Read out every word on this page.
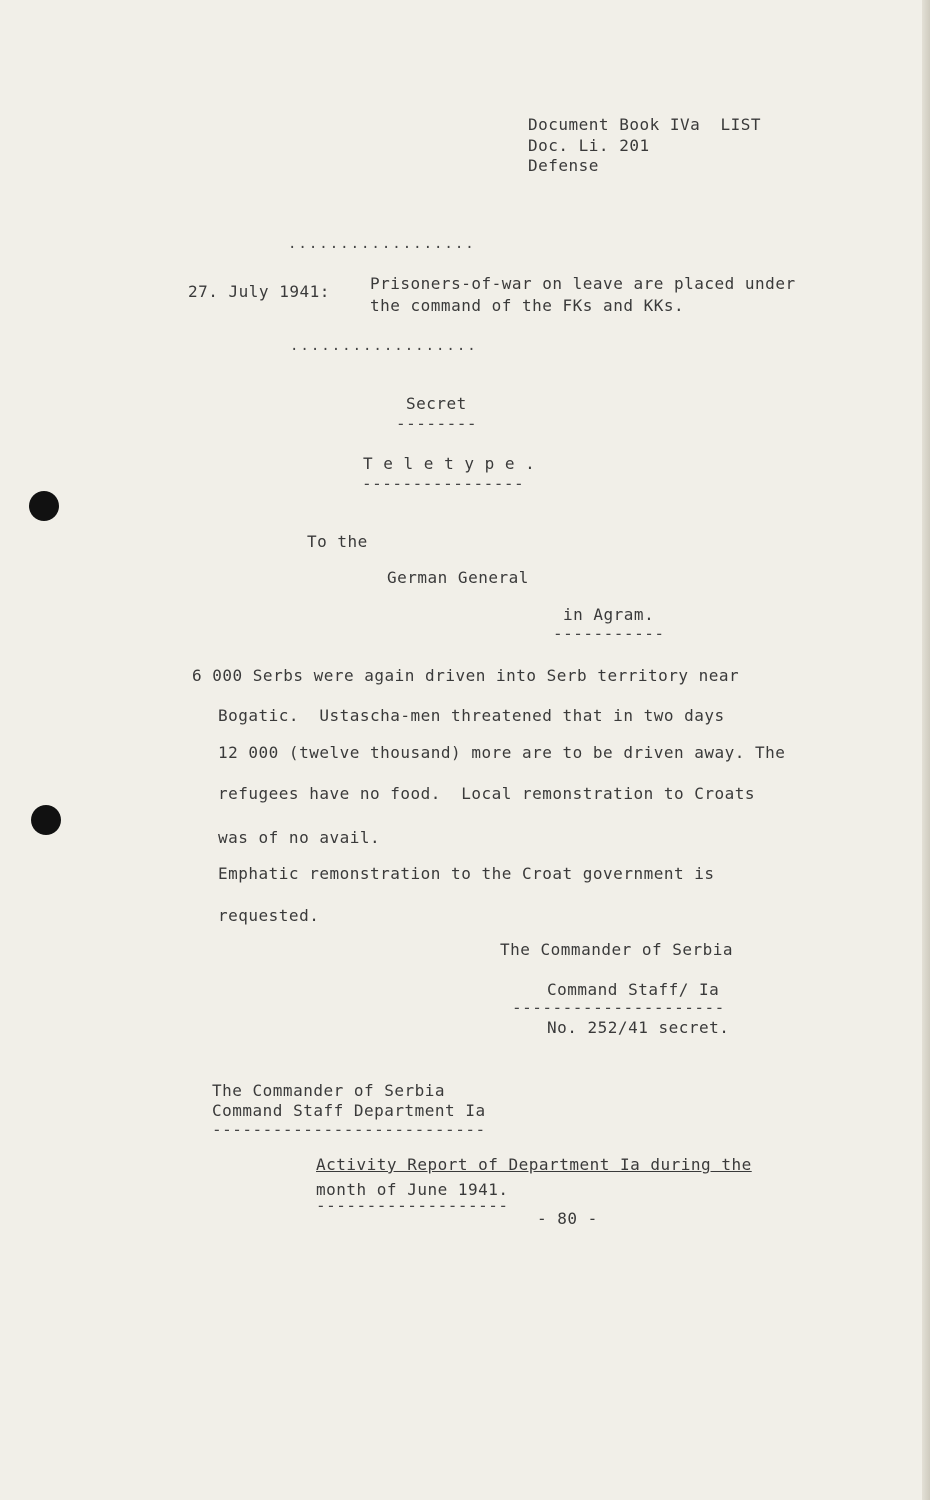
Document Book IVa  LIST
Doc. Li. 201
Defense
..................
27. July 1941:	Prisoners-of-war on leave are placed under
the command of the FKs and KKs.
..................
Secret
--------
T e l e t y p e .
----------------
To the
German General
in Agram.
-----------
6 000 Serbs were again driven into Serb territory near
Bogatic.  Ustascha-men threatened that in two days
12 000 (twelve thousand) more are to be driven away. The
refugees have no food.  Local remonstration to Croats
was of no avail.
Emphatic remonstration to the Croat government is
requested.
The Commander of Serbia
Command Staff/ Ia
---------------------
No. 252/41 secret.
The Commander of Serbia
Command Staff Department Ia
---------------------------
Activity Report of Department Ia during the
month of June 1941.
-------------------
- 80 -
